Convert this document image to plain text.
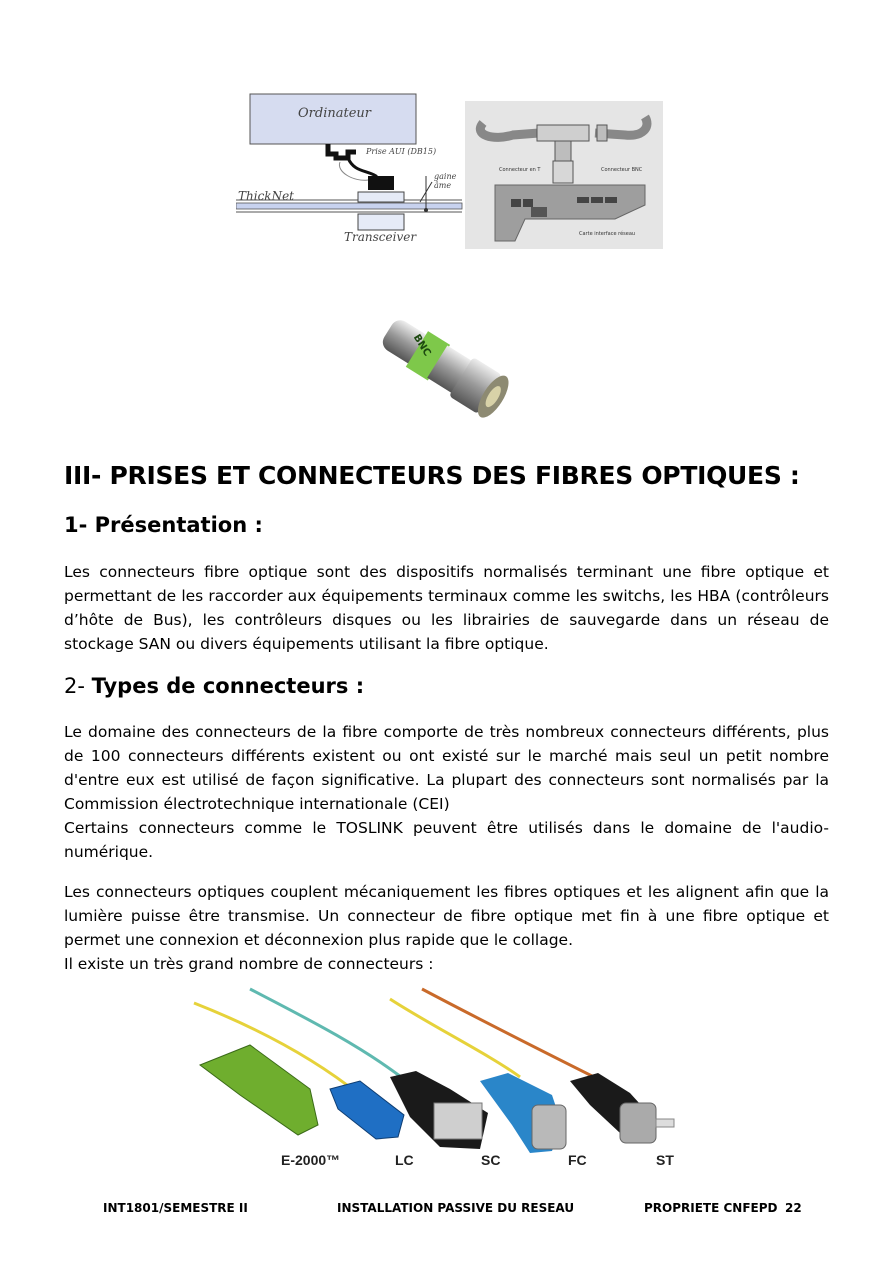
Ordinateur
Prise AUI (DB15)
gaine
âme
ThickNet
Transceiver
Connecteur en T	Connecteur BNC
Carte interface réseau
BNC
III- PRISES ET CONNECTEURS DES FIBRES OPTIQUES :
1- Présentation :

Les connecteurs fibre optique sont des dispositifs normalisés terminant une fibre optique et permettant de les raccorder aux équipements terminaux comme les switchs, les HBA (contrôleurs d’hôte de Bus), les contrôleurs disques ou les librairies de sauvegarde dans un réseau de stockage SAN ou divers équipements utilisant la fibre optique.

2- Types de connecteurs :

Le domaine des connecteurs de la fibre comporte de très nombreux connecteurs différents, plus de 100 connecteurs différents existent ou ont existé sur le marché mais seul un petit nombre d'entre eux est utilisé de façon significative. La plupart des connecteurs sont normalisés par la Commission électrotechnique internationale (CEI)

Certains connecteurs comme le TOSLINK peuvent être utilisés dans le domaine de l'audio-numérique.

Les connecteurs optiques couplent mécaniquement les fibres optiques et les alignent afin que la lumière puisse être transmise. Un connecteur de fibre optique met fin à une fibre optique et permet une connexion et déconnexion plus rapide que le collage.

Il existe un très grand nombre de connecteurs :

E-2000™	LC	SC	FC	ST
INT1801/SEMESTRE II	INSTALLATION PASSIVE DU RESEAU	PROPRIETE CNFEPD 22
